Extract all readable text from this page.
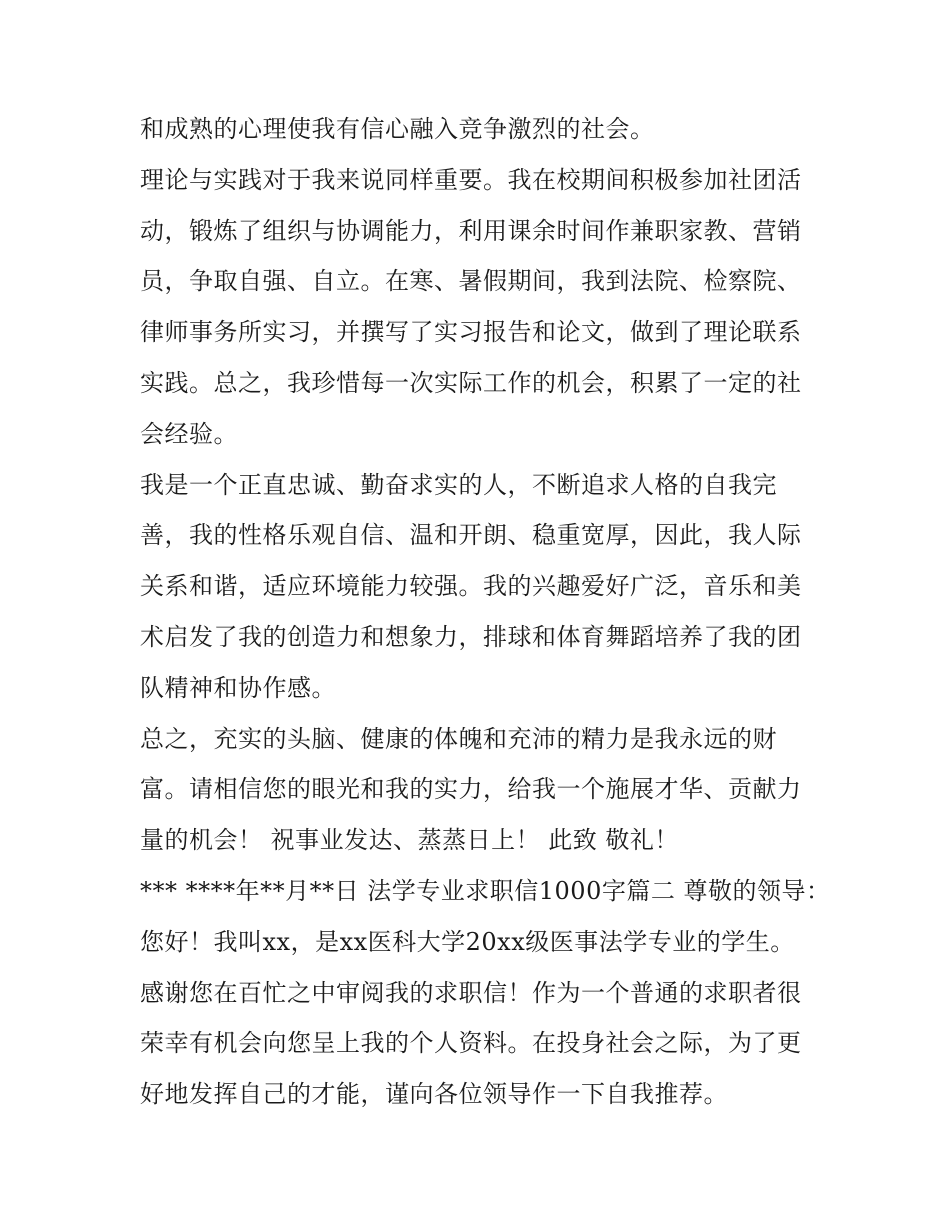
和成熟的心理使我有信心融入竞争激烈的社会。
理论与实践对于我来说同样重要。我在校期间积极参加社团活
动，锻炼了组织与协调能力，利用课余时间作兼职家教、营销
员，争取自强、自立。在寒、暑假期间，我到法院、检察院、
律师事务所实习，并撰写了实习报告和论文，做到了理论联系
实践。总之，我珍惜每一次实际工作的机会，积累了一定的社
会经验。
我是一个正直忠诚、勤奋求实的人，不断追求人格的自我完
善，我的性格乐观自信、温和开朗、稳重宽厚，因此，我人际
关系和谐，适应环境能力较强。我的兴趣爱好广泛，音乐和美
术启发了我的创造力和想象力，排球和体育舞蹈培养了我的团
队精神和协作感。
总之，充实的头脑、健康的体魄和充沛的精力是我永远的财
富。请相信您的眼光和我的实力，给我一个施展才华、贡献力
量的机会！ 祝事业发达、蒸蒸日上！ 此致 敬礼！
*** ****年**月**日 法学专业求职信1000字篇二 尊敬的领导：
您好！我叫xx，是xx医科大学20xx级医事法学专业的学生。
感谢您在百忙之中审阅我的求职信！作为一个普通的求职者很
荣幸有机会向您呈上我的个人资料。在投身社会之际，为了更
好地发挥自己的才能，谨向各位领导作一下自我推荐。
